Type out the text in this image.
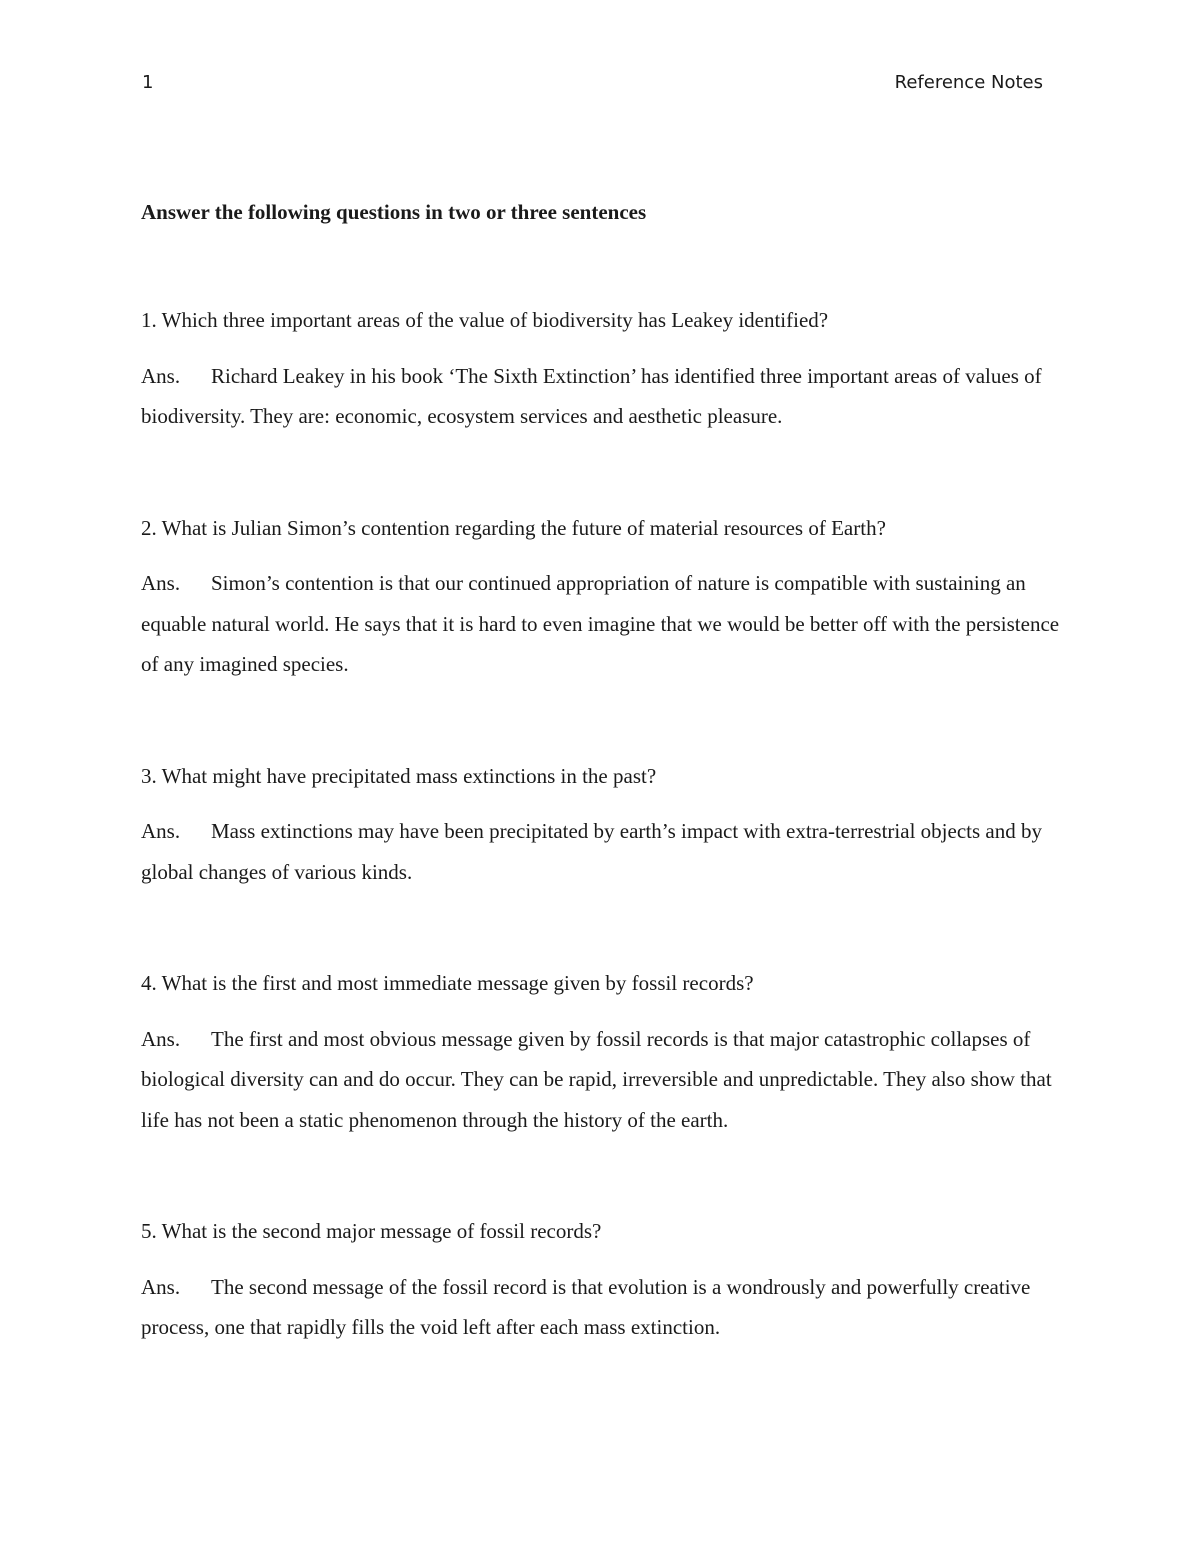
1	Reference Notes

Answer the following questions in two or three sentences

1. Which three important areas of the value of biodiversity has Leakey identified?

Ans. Richard Leakey in his book ‘The Sixth Extinction’ has identified three important areas of values of biodiversity. They are: economic, ecosystem services and aesthetic pleasure.

2. What is Julian Simon’s contention regarding the future of material resources of Earth?

Ans. Simon’s contention is that our continued appropriation of nature is compatible with sustaining an equable natural world. He says that it is hard to even imagine that we would be better off with the persistence of any imagined species.

3. What might have precipitated mass extinctions in the past?

Ans. Mass extinctions may have been precipitated by earth’s impact with extra-terrestrial objects and by global changes of various kinds.

4. What is the first and most immediate message given by fossil records?

Ans. The first and most obvious message given by fossil records is that major catastrophic collapses of biological diversity can and do occur. They can be rapid, irreversible and unpredictable. They also show that life has not been a static phenomenon through the history of the earth.

5. What is the second major message of fossil records?

Ans. The second message of the fossil record is that evolution is a wondrously and powerfully creative process, one that rapidly fills the void left after each mass extinction.
